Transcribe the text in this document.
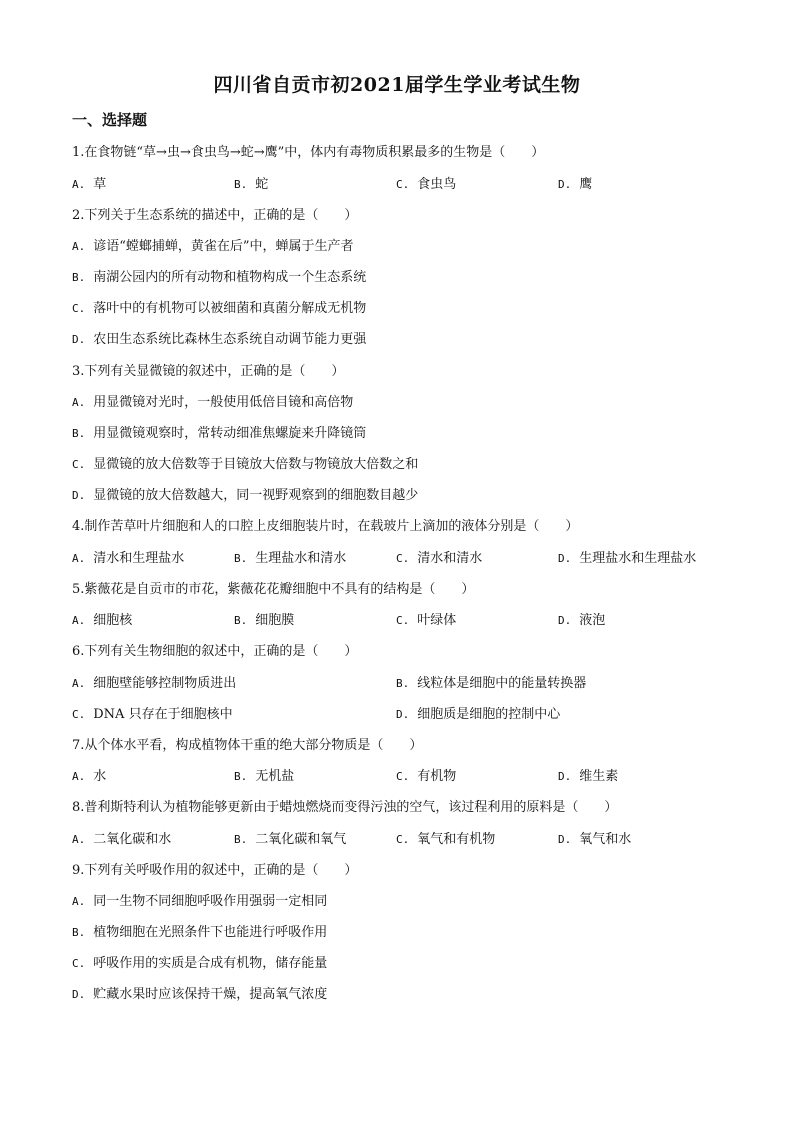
四川省自贡市初2021届学生学业考试生物
一、选择题
1.在食物链“草→虫→食虫鸟→蛇→鹰”中，体内有毒物质积累最多的生物是（　　）
A. 草	B. 蛇	C. 食虫鸟	D. 鹰
2.下列关于生态系统的描述中，正确的是（　　）
A. 谚语“螳螂捕蝉，黄雀在后”中，蝉属于生产者
B. 南湖公园内的所有动物和植物构成一个生态系统
C. 落叶中的有机物可以被细菌和真菌分解成无机物
D. 农田生态系统比森林生态系统自动调节能力更强
3.下列有关显微镜的叙述中，正确的是（　　）
A. 用显微镜对光时，一般使用低倍目镜和高倍物
B. 用显微镜观察时，常转动细准焦螺旋来升降镜筒
C. 显微镜的放大倍数等于目镜放大倍数与物镜放大倍数之和
D. 显微镜的放大倍数越大，同一视野观察到的细胞数目越少
4.制作苦草叶片细胞和人的口腔上皮细胞装片时，在载玻片上滴加的液体分别是（　　）
A. 清水和生理盐水	B. 生理盐水和清水	C. 清水和清水	D. 生理盐水和生理盐水
5.紫薇花是自贡市的市花，紫薇花花瓣细胞中不具有的结构是（　　）
A. 细胞核	B. 细胞膜	C. 叶绿体	D. 液泡
6.下列有关生物细胞的叙述中，正确的是（　　）
A. 细胞壁能够控制物质进出	B. 线粒体是细胞中的能量转换器
C. DNA 只存在于细胞核中	D. 细胞质是细胞的控制中心
7.从个体水平看，构成植物体干重的绝大部分物质是（　　）
A. 水	B. 无机盐	C. 有机物	D. 维生素
8.普利斯特利认为植物能够更新由于蜡烛燃烧而变得污浊的空气，该过程利用的原料是（　　）
A. 二氧化碳和水	B. 二氧化碳和氧气	C. 氧气和有机物	D. 氧气和水
9.下列有关呼吸作用的叙述中，正确的是（　　）
A. 同一生物不同细胞呼吸作用强弱一定相同
B. 植物细胞在光照条件下也能进行呼吸作用
C. 呼吸作用的实质是合成有机物，储存能量
D. 贮藏水果时应该保持干燥，提高氧气浓度
